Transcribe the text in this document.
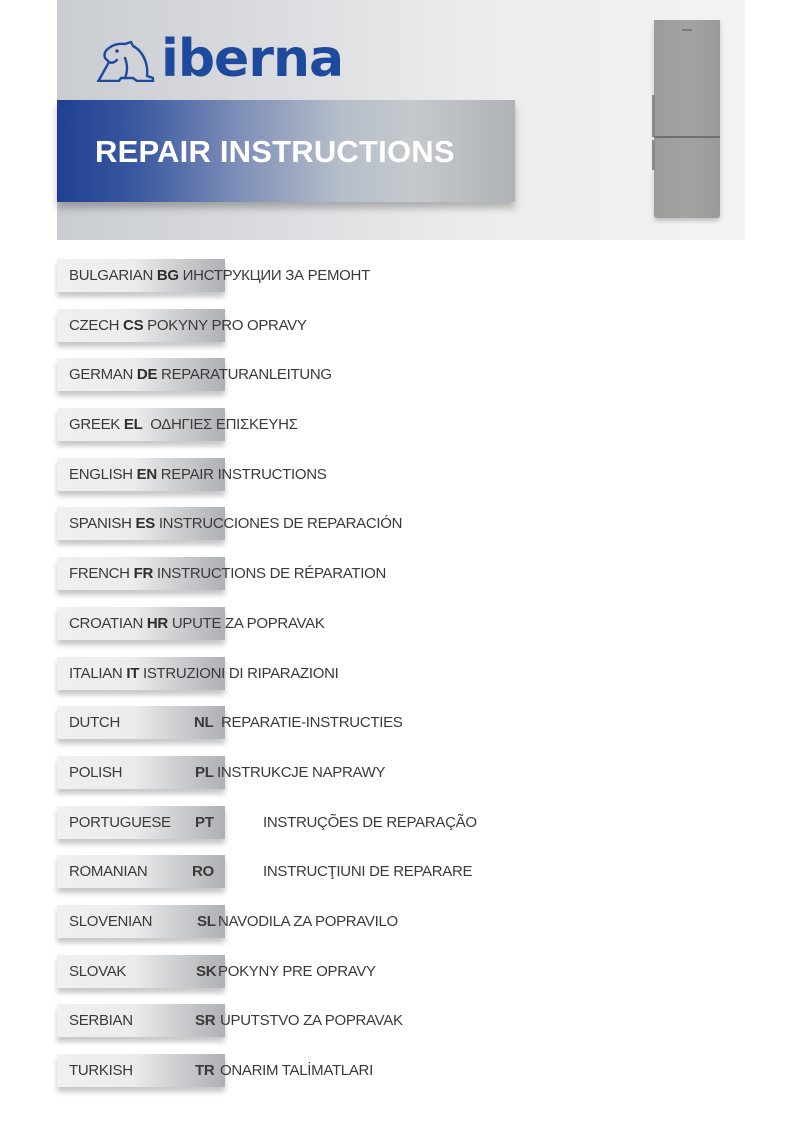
iberna
REPAIR INSTRUCTIONS
BULGARIAN BG ИНСТРУКЦИИ ЗА РЕМОНТ
CZECH CS POKYNY PRO OPRAVY
GERMAN DE REPARATURANLEITUNG
GREEK EL ΟΔΗΓΙΕΣ ΕΠΙΣΚΕΥΗΣ
ENGLISH EN REPAIR INSTRUCTIONS
SPANISH ES INSTRUCCIONES DE REPARACIÓN
FRENCH FR INSTRUCTIONS DE RÉPARATION
CROATIAN HR UPUTE ZA POPRAVAK
ITALIAN IT ISTRUZIONI DI RIPARAZIONI
DUTCH	NL REPARATIE-INSTRUCTIES
POLISH	PL INSTRUKCJE NAPRAWY
PORTUGUESE PT	INSTRUÇÕES DE REPARAÇÃO
ROMANIAN	RO	INSTRUCŢIUNI DE REPARARE
SLOVENIAN	SL NAVODILA ZA POPRAVILO
SLOVAK	SK POKYNY PRE OPRAVY
SERBIAN	SR UPUTSTVO ZA POPRAVAK
TURKISH	TR ONARIM TALİMATLARI
